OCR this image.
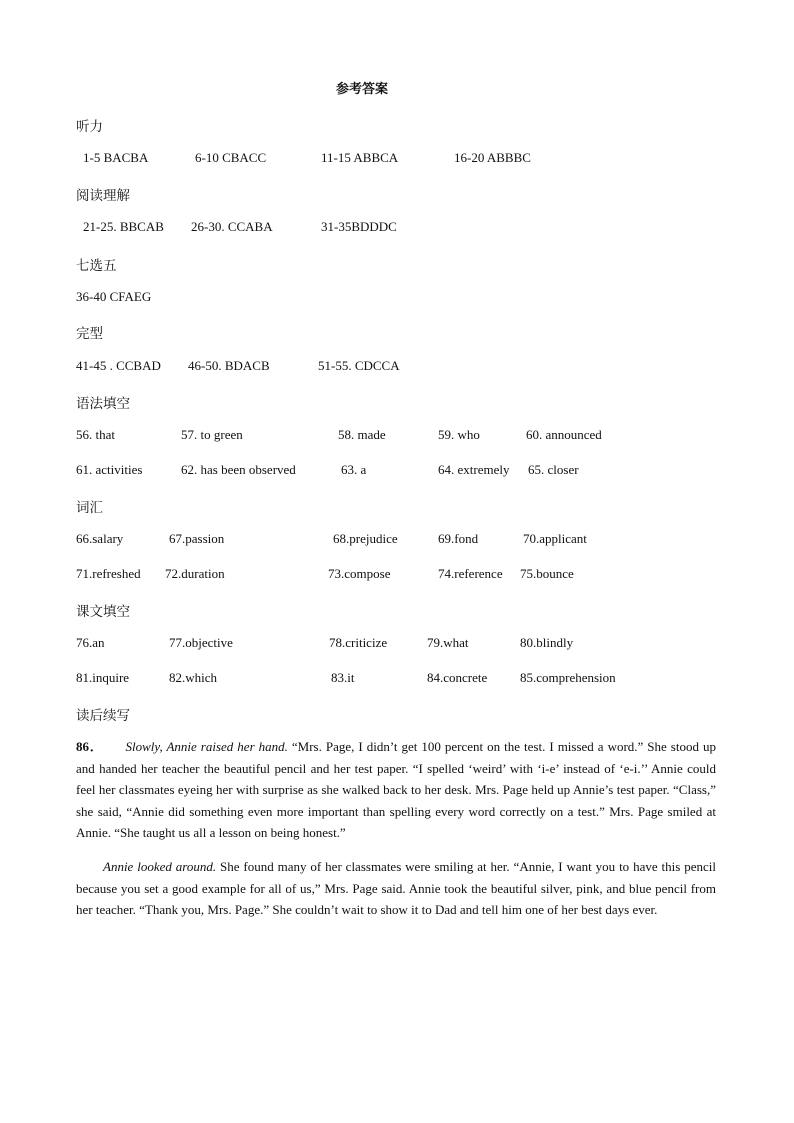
参考答案
听力
1-5 BACBA	6-10 CBACC	11-15 ABBCA	16-20 ABBBC
阅读理解
21-25. BBCAB 26-30. CCABA	31-35BDDDC
七选五
36-40 CFAEG
完型
41-45 . CCBAD 46-50. BDACB	51-55. CDCCA
语法填空
56. that	57. to green	58. made	59. who	60. announced
61. activities	62. has been observed	63. a	64. extremely 65. closer
词汇
66.salary	67.passion	68.prejudice	69.fond	70.applicant
71.refreshed 72.duration	73.compose	74.reference 75.bounce
课文填空
76.an	77.objective	78.criticize	79.what	80.blindly
81.inquire	82.which	83.it	84.concrete	85.comprehension
读后续写
86． Slowly, Annie raised her hand. “Mrs. Page, I didn’t get 100 percent on the test. I missed a word.” She stood up and handed her teacher the beautiful pencil and her test paper. “I spelled ‘weird’ with ‘i-e’ instead of ‘e-i.’’ Annie could feel her classmates eyeing her with surprise as she walked back to her desk. Mrs. Page held up Annie’s test paper. “Class,” she said, “Annie did something even more important than spelling every word correctly on a test.” Mrs. Page smiled at Annie. “She taught us all a lesson on being honest.”
Annie looked around. She found many of her classmates were smiling at her. “Annie, I want you to have this pencil because you set a good example for all of us,” Mrs. Page said. Annie took the beautiful silver, pink, and blue pencil from her teacher. “Thank you, Mrs. Page.” She couldn’t wait to show it to Dad and tell him one of her best days ever.
